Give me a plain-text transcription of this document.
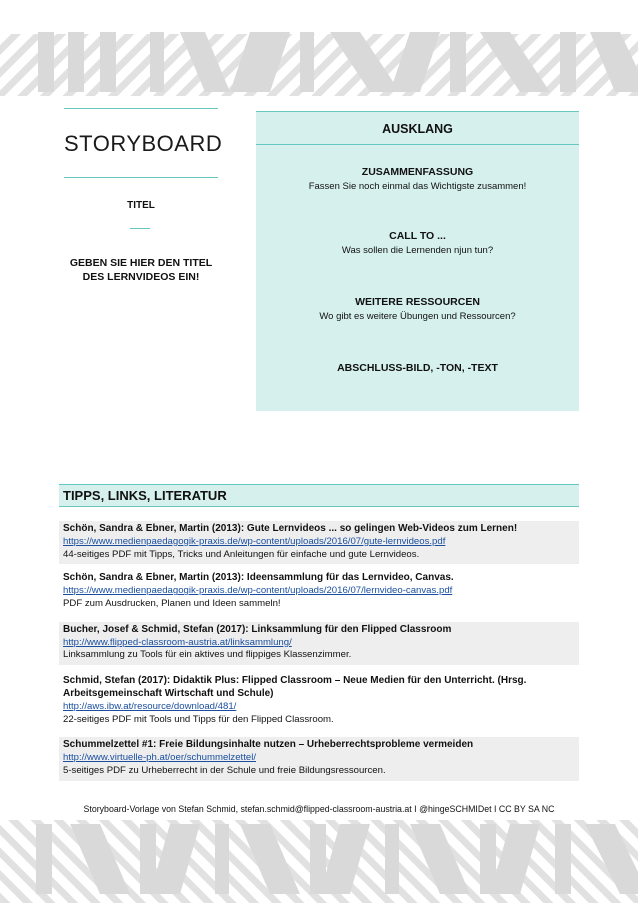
STORYBOARD
TITEL
GEBEN SIE HIER DEN TITEL DES LERNVIDEOS EIN!
AUSKLANG
ZUSAMMENFASSUNG
Fassen Sie noch einmal das Wichtigste zusammen!
CALL TO ...
Was sollen die Lernenden njun tun?
WEITERE RESSOURCEN
Wo gibt es weitere Übungen und Ressourcen?
ABSCHLUSS-BILD, -TON, -TEXT
TIPPS, LINKS, LITERATUR
Schön, Sandra & Ebner, Martin (2013): Gute Lernvideos ... so gelingen Web-Videos zum Lernen!
https://www.medienpaedagogik-praxis.de/wp-content/uploads/2016/07/gute-lernvideos.pdf
44-seitiges PDF mit Tipps, Tricks und Anleitungen für einfache und gute Lernvideos.
Schön, Sandra & Ebner, Martin (2013): Ideensammlung für das Lernvideo, Canvas.
https://www.medienpaedagogik-praxis.de/wp-content/uploads/2016/07/lernvideo-canvas.pdf
PDF zum Ausdrucken, Planen und Ideen sammeln!
Bucher, Josef & Schmid, Stefan (2017): Linksammlung für den Flipped Classroom
http://www.flipped-classroom-austria.at/linksammlung/
Linksammlung zu Tools für ein aktives und flippiges Klassenzimmer.
Schmid, Stefan (2017): Didaktik Plus: Flipped Classroom – Neue Medien für den Unterricht. (Hrsg. Arbeitsgemeinschaft Wirtschaft und Schule)
http://aws.ibw.at/resource/download/481/
22-seitiges PDF mit Tools und Tipps für den Flipped Classroom.
Schummelzettel #1: Freie Bildungsinhalte nutzen – Urheberrechtsprobleme vermeiden
http://www.virtuelle-ph.at/oer/schummelzettel/
5-seitiges PDF zu Urheberrecht in der Schule und freie Bildungsressourcen.
Storyboard-Vorlage von Stefan Schmid, stefan.schmid@flipped-classroom-austria.at I @hingeSCHMIDet I CC BY SA NC
